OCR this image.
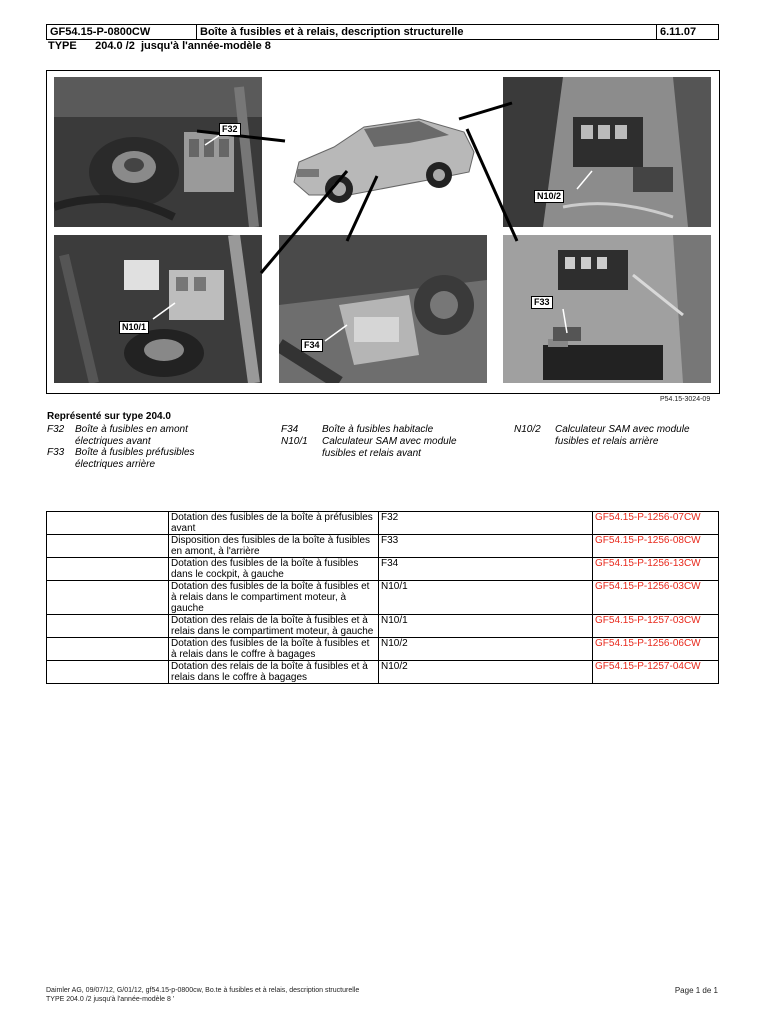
GF54.15-P-0800CW	Boîte à fusibles et à relais, description structurelle	6.11.07
TYPE 204.0 /2  jusqu'à l'année-modèle 8
F32
N10/2
N10/1
F34
F33
P54.15-3024-09
Représenté sur type 204.0
F32 Boîte à fusibles en amont électriques avant
F33 Boîte à fusibles préfusibles électriques arrière
F34 Boîte à fusibles habitacle
N10/1 Calculateur SAM avec module fusibles et relais avant
N10/2 Calculateur SAM avec module fusibles et relais arrière
	Dotation des fusibles de la boîte à préfusibles avant	F32	GF54.15-P-1256-07CW
	Disposition des fusibles de la boîte à fusibles en amont, à l'arrière	F33	GF54.15-P-1256-08CW
	Dotation des fusibles de la boîte à fusibles dans le cockpit, à gauche	F34	GF54.15-P-1256-13CW
	Dotation des fusibles de la boîte à fusibles et à relais dans le compartiment moteur, à gauche	N10/1	GF54.15-P-1256-03CW
	Dotation des relais de la boîte à fusibles et à relais dans le compartiment moteur, à gauche	N10/1	GF54.15-P-1257-03CW
	Dotation des fusibles de la boîte à fusibles et à relais dans le coffre à bagages	N10/2	GF54.15-P-1256-06CW
	Dotation des relais de la boîte à fusibles et à relais dans le coffre à bagages	N10/2	GF54.15-P-1257-04CW
Daimler AG, 09/07/12, G/01/12, gf54.15-p-0800cw, Bo.te à fusibles et à relais, description structurelle
TYPE 204.0 /2 jusqu'à l'année-modèle 8 '
Page 1 de 1
